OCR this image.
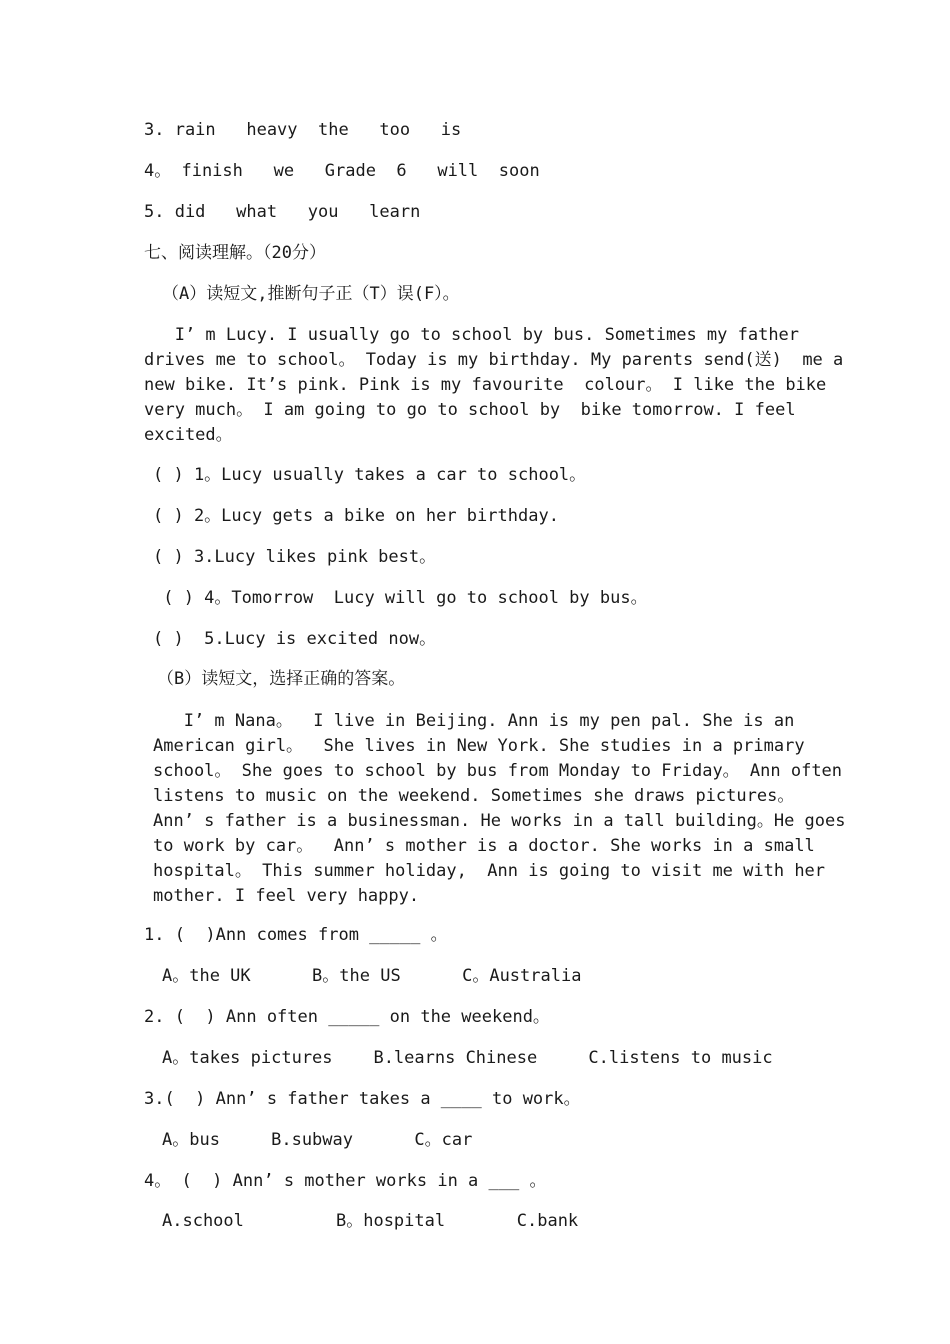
3. rain   heavy  the   too   is
4。 finish   we   Grade  6   will  soon
5. did   what   you   learn
七、阅读理解。（20分）
（A）读短文,推断句子正（T）误(F）。
I’ m Lucy. I usually go to school by bus. Sometimes my father
drives me to school。 Today is my birthday. My parents send(送)  me a
new bike. It’s pink. Pink is my favourite  colour。 I like the bike
very much。 I am going to go to school by  bike tomorrow. I feel
excited。
( ) 1。Lucy usually takes a car to school。
( ) 2。Lucy gets a bike on her birthday.
( ) 3.Lucy likes pink best。
( ) 4。Tomorrow  Lucy will go to school by bus。
( )  5.Lucy is excited now。
（B）读短文，选择正确的答案。
I’ m Nana。  I live in Beijing. Ann is my pen pal. She is an
American girl。  She lives in New York. She studies in a primary
school。 She goes to school by bus from Monday to Friday。 Ann often
listens to music on the weekend. Sometimes she draws pictures。
Ann’ s father is a businessman. He works in a tall building。He goes
to work by car。  Ann’ s mother is a doctor. She works in a small
hospital。 This summer holiday,  Ann is going to visit me with her
mother. I feel very happy.
1. (  )Ann comes from _____ 。
A。the UK      B。the US      C。Australia
2. (  ) Ann often _____ on the weekend。
A。takes pictures    B.learns Chinese     C.listens to music
3.(  ) Ann’ s father takes a ____ to work。
A。bus     B.subway      C。car
4。 (  ) Ann’ s mother works in a ___ 。
A.school         B。hospital       C.bank
